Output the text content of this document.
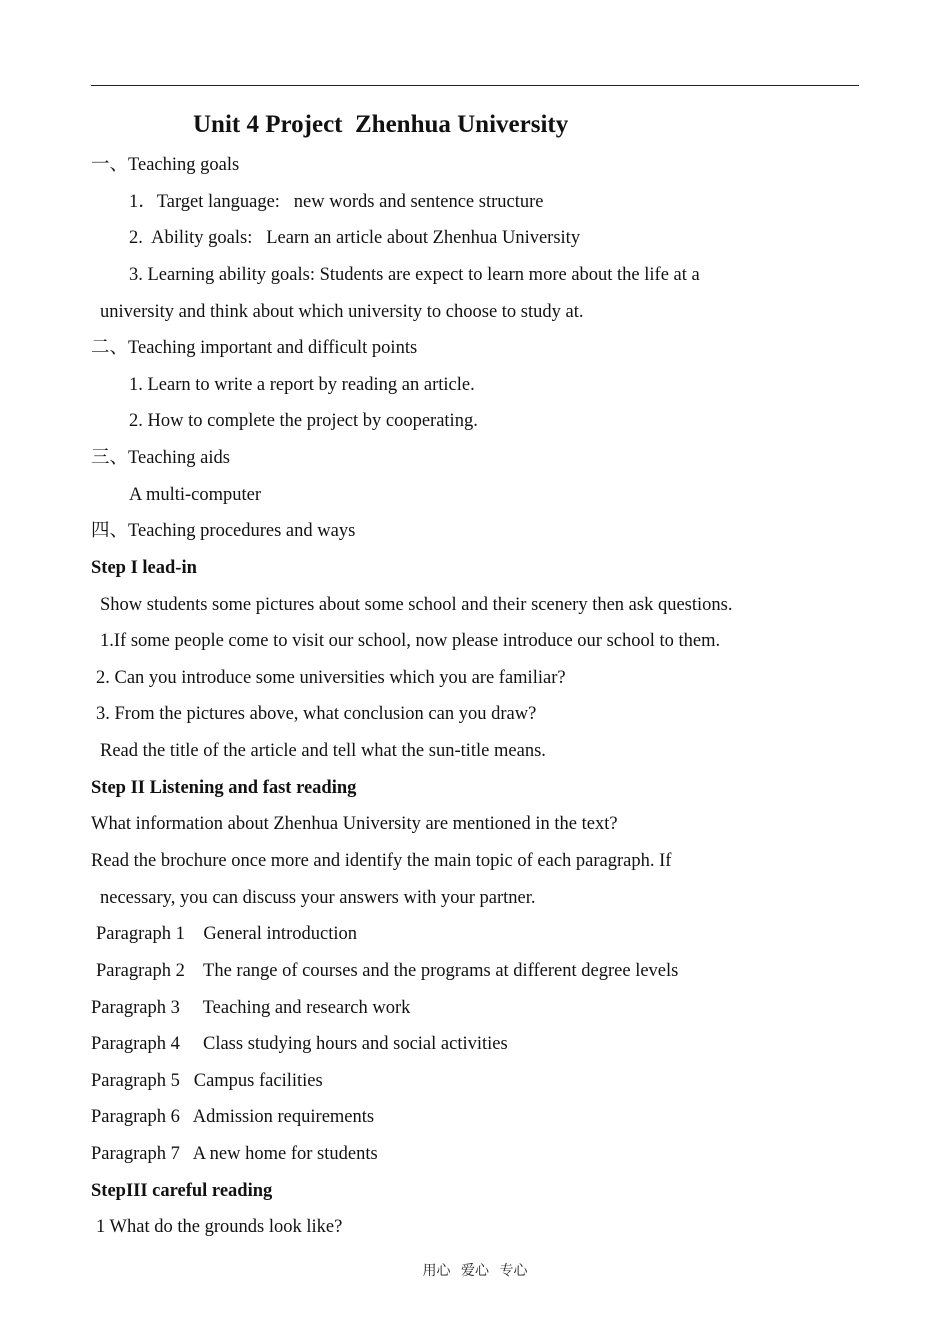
Unit 4 Project  Zhenhua University
一、Teaching goals
1．Target language:   new words and sentence structure
2.  Ability goals:   Learn an article about Zhenhua University
3. Learning ability goals: Students are expect to learn more about the life at a
university and think about which university to choose to study at.
二、Teaching important and difficult points
1. Learn to write a report by reading an article.
2. How to complete the project by cooperating.
三、Teaching aids
A multi-computer
四、Teaching procedures and ways
Step I lead-in
Show students some pictures about some school and their scenery then ask questions.
1.If some people come to visit our school, now please introduce our school to them.
2. Can you introduce some universities which you are familiar?
3. From the pictures above, what conclusion can you draw?
Read the title of the article and tell what the sun-title means.
Step II Listening and fast reading
What information about Zhenhua University are mentioned in the text?
Read the brochure once more and identify the main topic of each paragraph. If
necessary, you can discuss your answers with your partner.
Paragraph 1    General introduction
Paragraph 2    The range of courses and the programs at different degree levels
Paragraph 3     Teaching and research work
Paragraph 4     Class studying hours and social activities
Paragraph 5   Campus facilities
Paragraph 6   Admission requirements
Paragraph 7   A new home for students
StepIII careful reading
1 What do the grounds look like?
用心   爱心   专心
